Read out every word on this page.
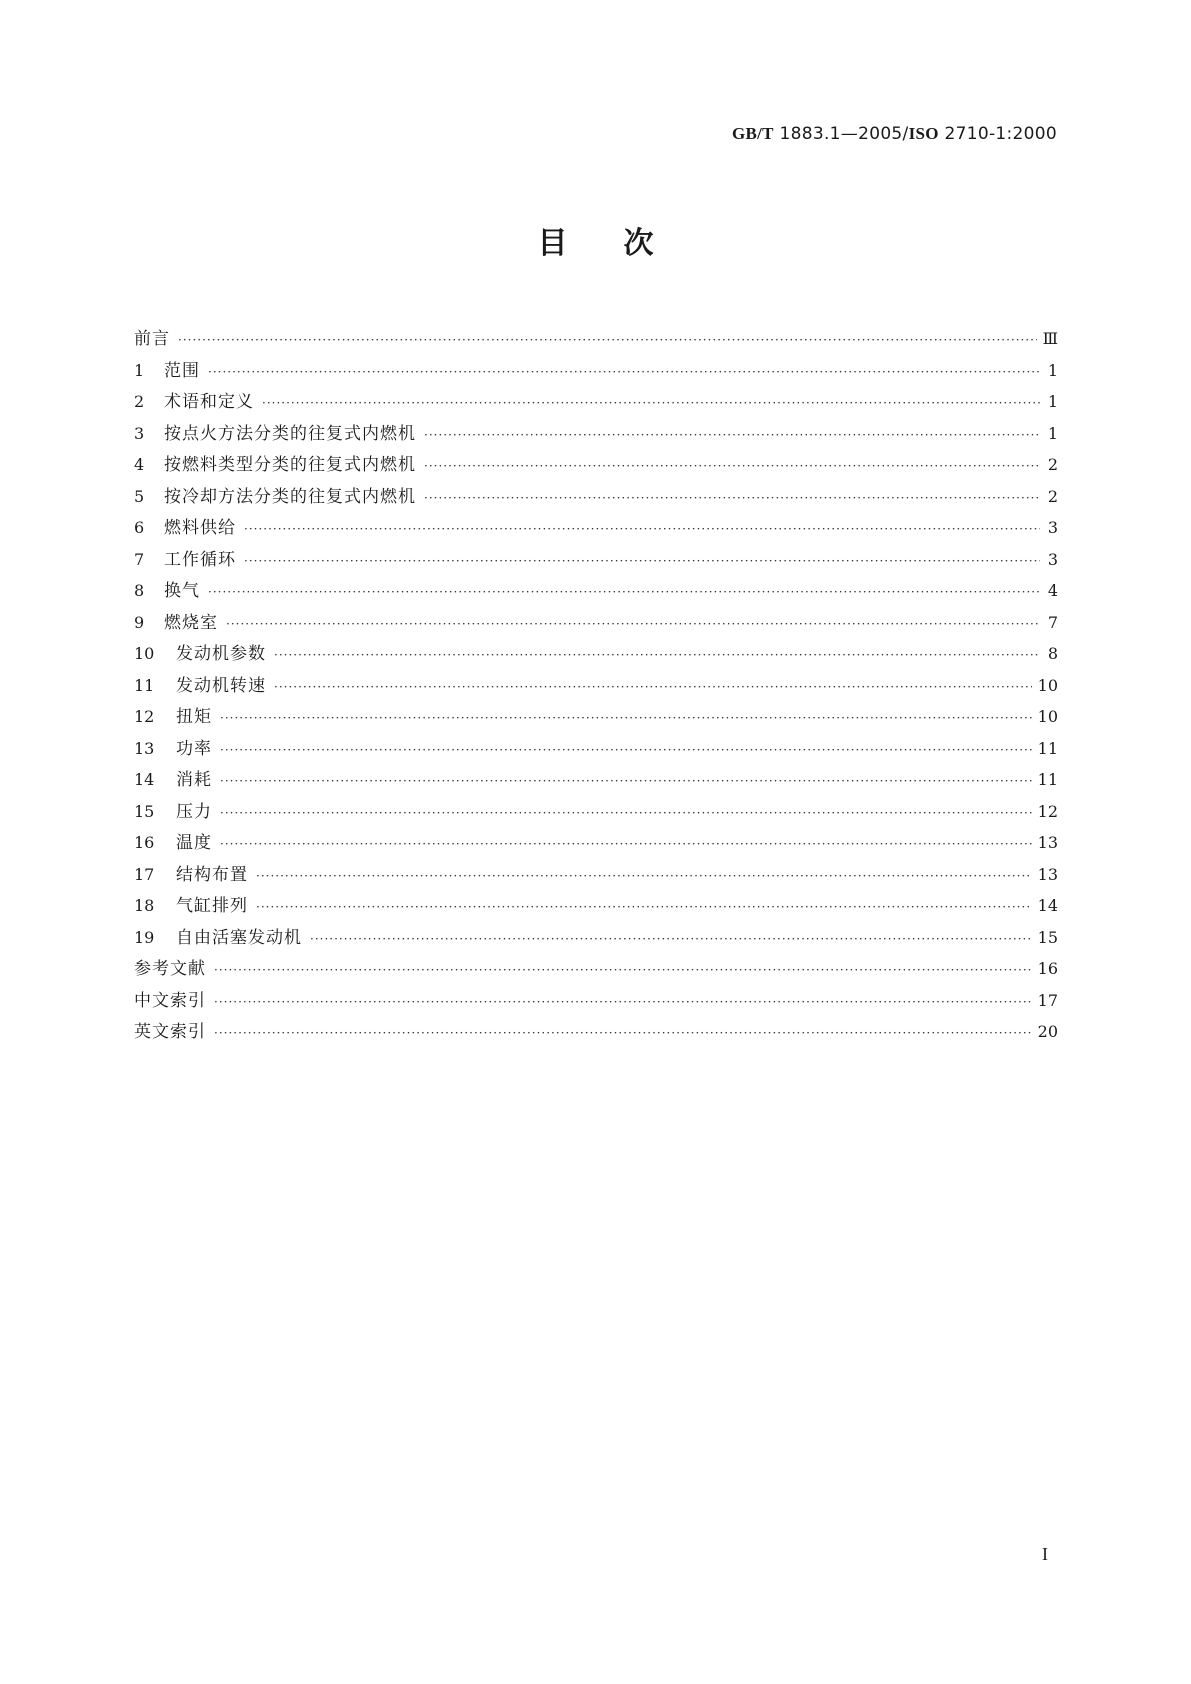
GB/T 1883.1—2005/ISO 2710-1:2000
目次
前言 ·····	Ⅲ
1	范围 ·····	1
2	术语和定义 ·····	1
3	按点火方法分类的往复式内燃机 ·····	1
4	按燃料类型分类的往复式内燃机 ·····	2
5	按冷却方法分类的往复式内燃机 ·····	2
6	燃料供给 ·····	3
7	工作循环 ·····	3
8	换气 ·····	4
9	燃烧室 ·····	7
10	发动机参数 ·····	8
11	发动机转速 ·····	10
12	扭矩 ·····	10
13	功率 ·····	11
14	消耗 ·····	11
15	压力 ·····	12
16	温度 ·····	13
17	结构布置 ·····	13
18	气缸排列 ·····	14
19	自由活塞发动机 ·····	15
参考文献 ·····	16
中文索引 ·····	17
英文索引 ·····	20
I
